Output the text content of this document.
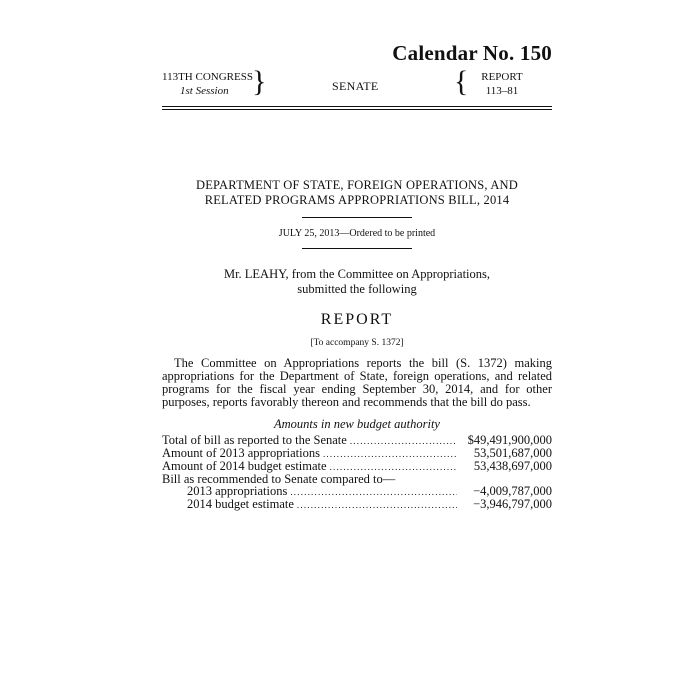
Calendar No. 150
113TH CONGRESS
1st Session }	SENATE	{ REPORT
113–81
DEPARTMENT OF STATE, FOREIGN OPERATIONS, AND
RELATED PROGRAMS APPROPRIATIONS BILL, 2014
JULY 25, 2013—Ordered to be printed
Mr. LEAHY, from the Committee on Appropriations,
submitted the following
REPORT
[To accompany S. 1372]
The Committee on Appropriations reports the bill (S. 1372) making appropriations for the Department of State, foreign operations, and related programs for the fiscal year ending September 30, 2014, and for other purposes, reports favorably thereon and recommends that the bill do pass.
Amounts in new budget authority
Total of bill as reported to the Senate .....	$49,491,900,000
Amount of 2013 appropriations .....	53,501,687,000
Amount of 2014 budget estimate .....	53,438,697,000
Bill as recommended to Senate compared to—
2013 appropriations .....	−4,009,787,000
2014 budget estimate .....	−3,946,797,000
